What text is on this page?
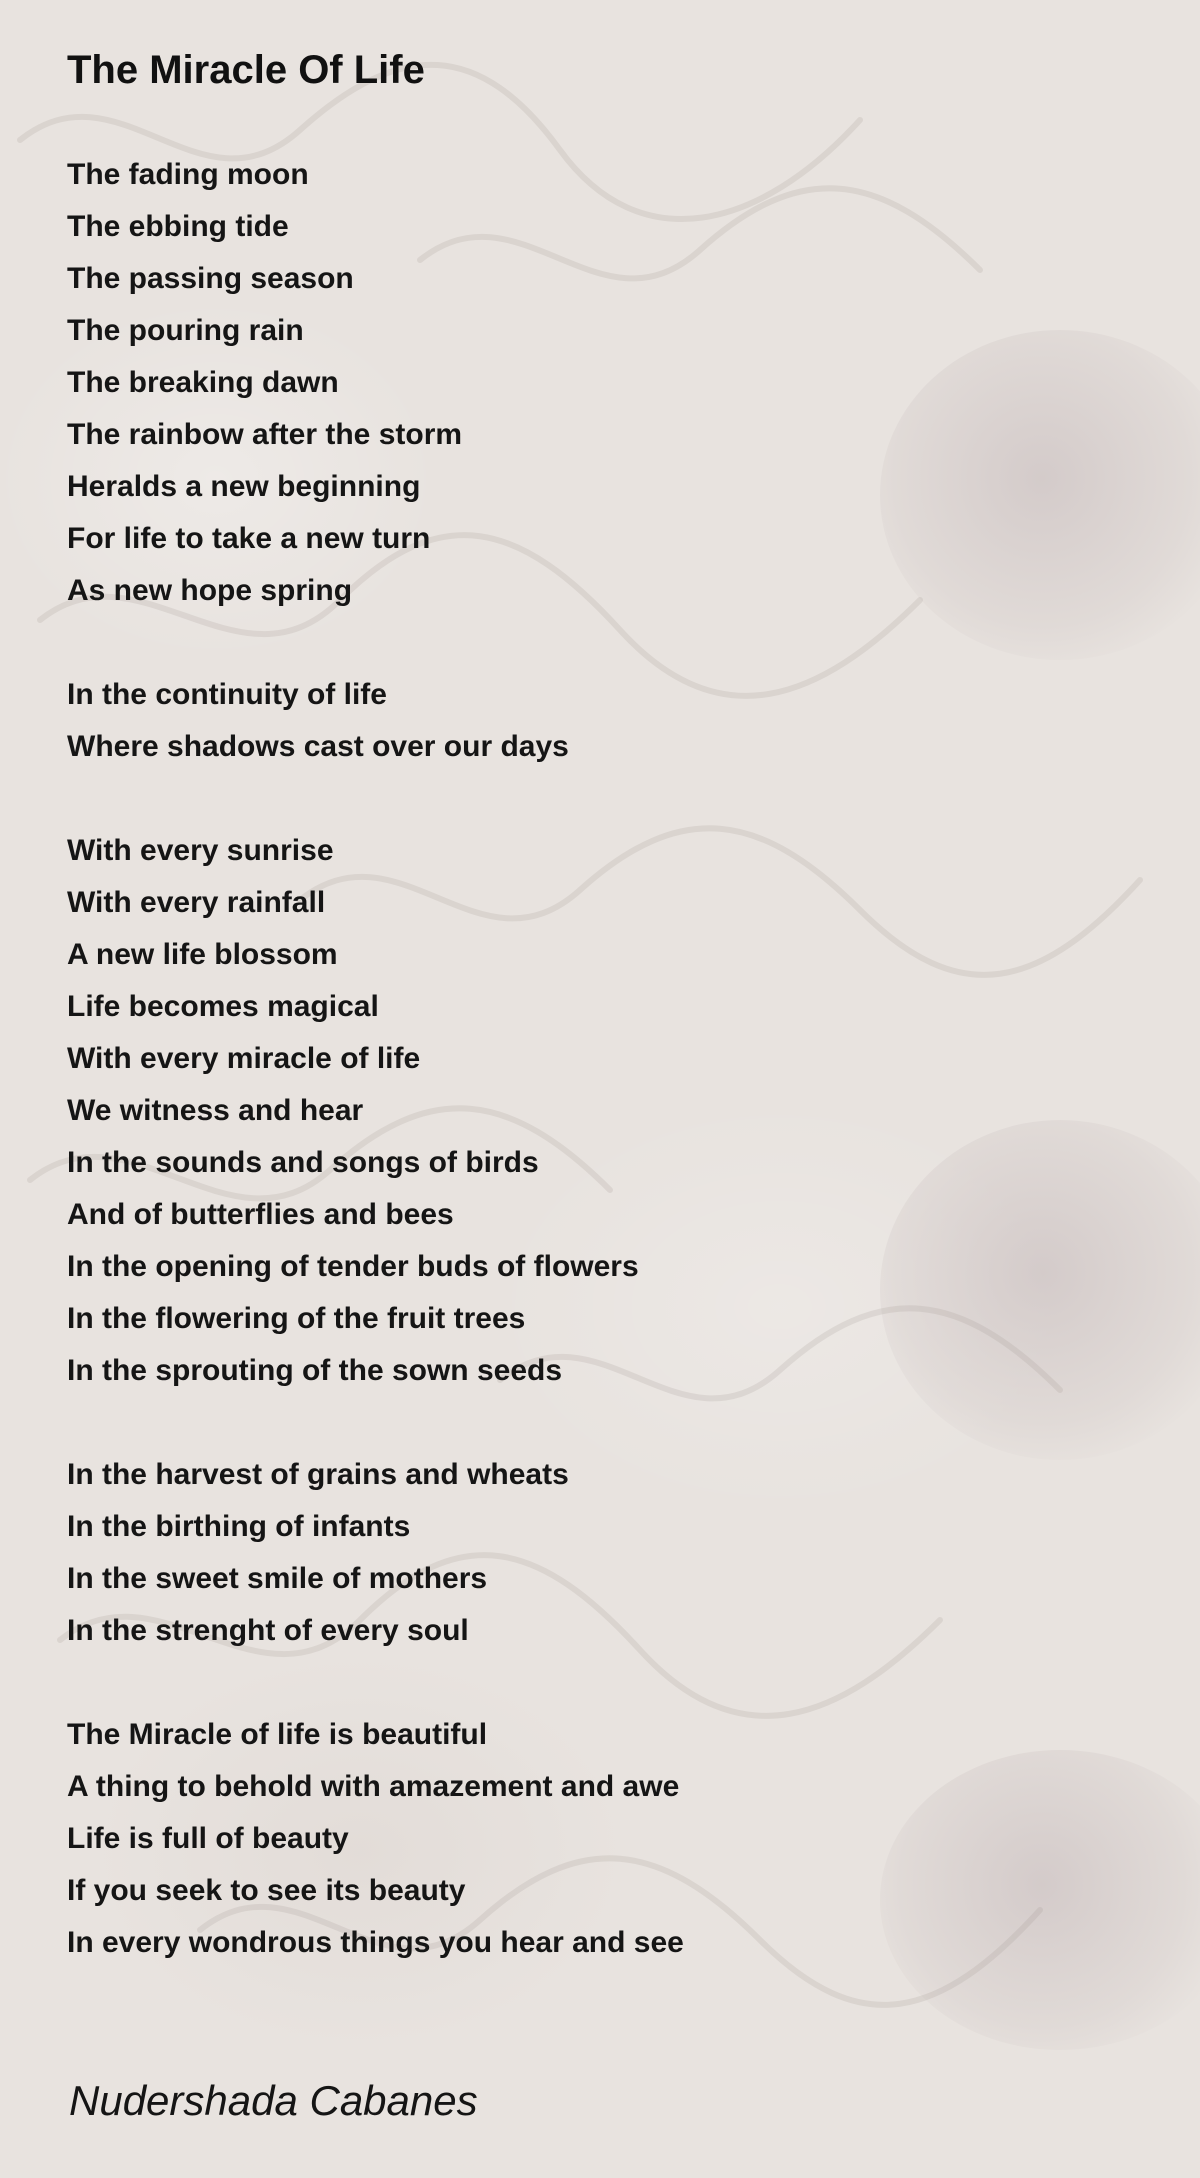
The Miracle Of Life
The fading moon
The ebbing tide
The passing season
The pouring rain
The breaking dawn
The rainbow after the storm
Heralds a new beginning
For life to take a new turn
As new hope spring
In the continuity of life
Where shadows cast over our days
With every sunrise
With every rainfall
A new life blossom
Life becomes magical
With every miracle of life
We witness and hear
In the sounds and songs of birds
And of butterflies and bees
In the opening of tender buds of flowers
In the flowering of the fruit trees
In the sprouting of the sown seeds
In the harvest of grains and wheats
In the birthing of infants
In the sweet smile of mothers
In the strenght of every soul
The Miracle of life is beautiful
A thing to behold with amazement and awe
Life is full of beauty
If you seek to see its beauty
In every wondrous things you hear and see
Nudershada Cabanes
